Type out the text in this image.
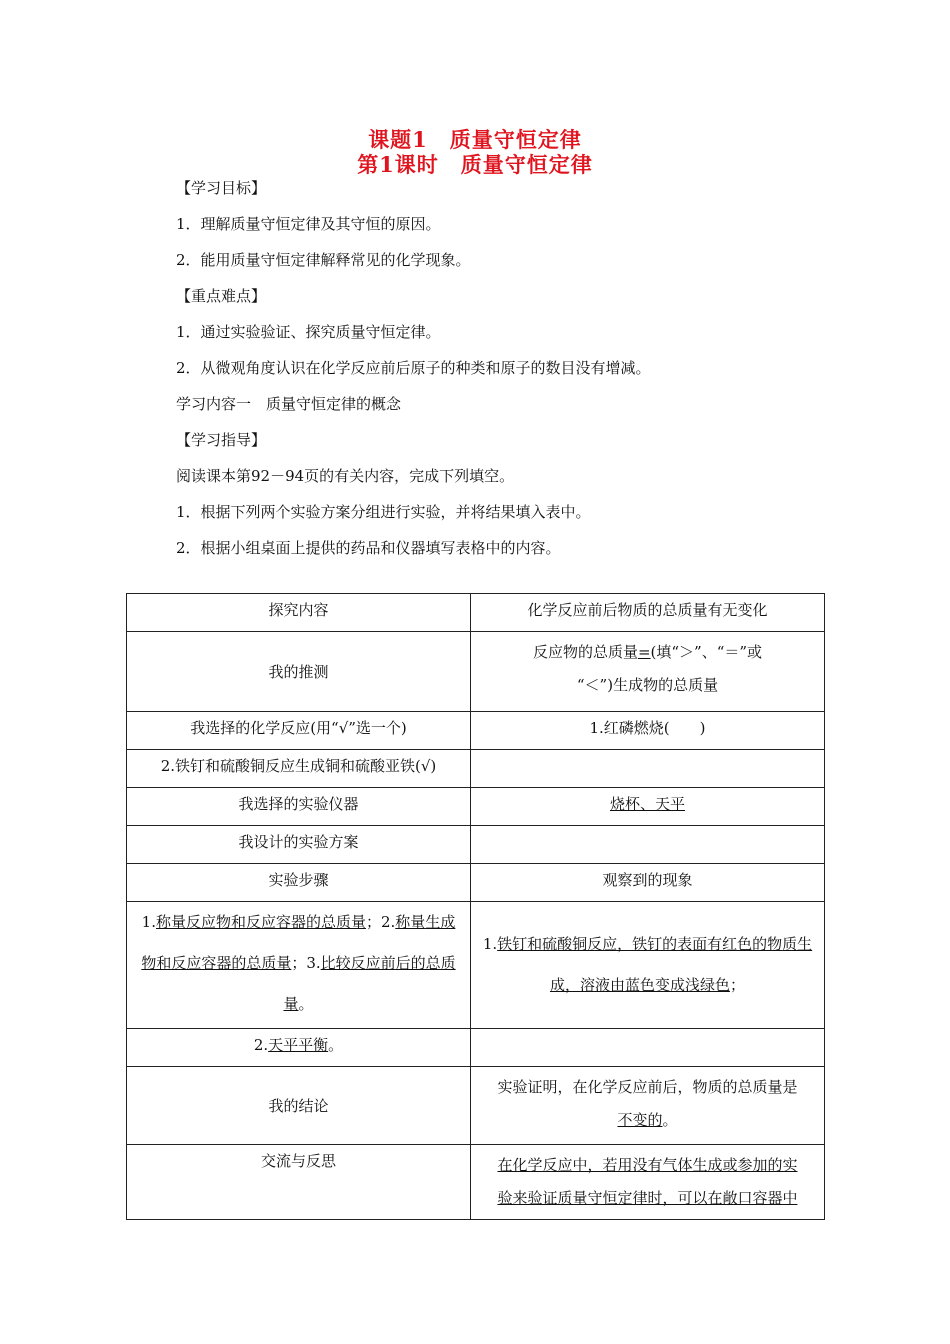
课题1　质量守恒定律
第1课时　质量守恒定律
【学习目标】
1．理解质量守恒定律及其守恒的原因。
2．能用质量守恒定律解释常见的化学现象。
【重点难点】
1．通过实验验证、探究质量守恒定律。
2．从微观角度认识在化学反应前后原子的种类和原子的数目没有增减。
学习内容一　质量守恒定律的概念
【学习指导】
阅读课本第92－94页的有关内容，完成下列填空。
1．根据下列两个实验方案分组进行实验，并将结果填入表中。
2．根据小组桌面上提供的药品和仪器填写表格中的内容。
探究内容	化学反应前后物质的总质量有无变化

我的推测	反应物的总质量=(填“＞”、“＝”或
“＜”)生成物的总质量

我选择的化学反应(用“√”选一个)	1.红磷燃烧(　　)

2.铁钉和硫酸铜反应生成铜和硫酸亚铁(√)	

我选择的实验仪器	烧杯、天平

我设计的实验方案	

实验步骤	观察到的现象

1.称量反应物和反应容器的总质量；2.称量生成物和反应容器的总质量；3.比较反应前后的总质量。	1.铁钉和硫酸铜反应，铁钉的表面有红色的物质生成，溶液由蓝色变成浅绿色；

2.天平平衡。	

我的结论	实验证明，在化学反应前后，物质的总质量是
不变的。

交流与反思	在化学反应中，若用没有气体生成或参加的实
验来验证质量守恒定律时，可以在敞口容器中
